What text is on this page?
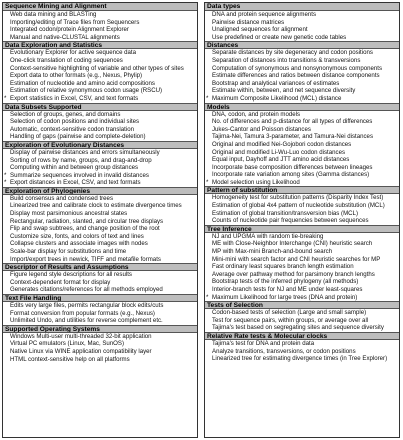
Sequence Mining and Alignment
Web data mining and BLASTing
Importing/editing of Trace files from Sequencers
Integrated codon/protein Alignment Explorer
Manual and native-CLUSTAL alignments
Data Exploration and Statistics
Evolutionary Explorer for active sequence data
One-click translation of coding sequences
Context-sensitive highlighting of variable and other types of sites
Export data to other formats (e.g., Nexus, Phylip)
Estimation of nucleotide and amino acid compositions
Estimation of relative synonymous codon usage (RSCU)
* Export statistics in Excel, CSV, and text formats
Data Subsets Supported
Selection of groups, genes, and domains
Selection of codon positions and individual sites
Automatic, context-sensitive codon translation
Handling of gaps (pairwise and complete-deletion)
Exploration of Evolutionary Distances
Display of pairwise distances and errors simultaneously
Sorting of rows by name, groups, and drag-and-drop
Computing within and between group distances
* Summarize sequences involved in invalid distances
* Export distances in Excel, CSV, and text formats
Exploration of Phylogenies
Build consensus and condensed trees
Linearized tree and calibrate clock to estimate divergence times
Display most parsimonious ancestral states
Rectangular, radiation, slanted, and circular tree displays
Flip and swap subtrees, and change position of the root
Customize size, fonts, and colors of text and lines
Collapse clusters and associate images with nodes
Scale-bar display for substitutions and time
Import/export trees in newick, TIFF and metafile formats
Descriptor of Results and Assumptions
Figure legend style descriptions for all results
Context-dependent format for display
Generates citations/references for all methods employed
Text File Handling
Edits very large files, permits rectangular block edits/cuts
Format conversion from popular formats (e.g., Nexus)
Unlimited Undo, and utilities for reverse complement etc.
Supported Operating Systems
Windows Multi-user multi-threaded 32-bit application
Virtual PC emulators (Linux, Mac, SunOS)
Native Linux via WINE application compatibility layer
HTML context-sensitive help on all platforms
Data types
DNA and protein sequence alignments
Pairwise distance matrices
Unaligned sequences for alignment
Use predefined or create new genetic code tables
Distances
Separate distances by site degeneracy and codon positions
Separation of distances into transitions & transversions
Computation of synonymous and nonsynonymous components
Estimate differences and ratios between distance components
Bootstrap and analytical variances of estimates
Estimate within, between, and net sequence diversity
* Maximum Composite Likelihood (MCL) distance
Models
DNA, codon, and protein models
No. of differences and p-distance for all types of differences
Jukes-Cantor and Poisson distances
Tajima-Nei, Tamura 3-parameter, and Tamura-Nei distances
Original and modified Nei-Gojobori codon distances
Original and modified Li-Wu-Luo codon distances
Equal input, Dayhoff and JTT amino acid distances
Incorporate base composition differences between lineages
Incorporate rate variation among sites (Gamma distances)
* Model selection using Likelihood
Pattern of substitution
Homogeneity test for substitution patterns (Disparity Index Test)
Estimation of global 4x4 pattern of nucleotide substitution (MCL)
Estimation of global transition/transversion bias (MCL)
Counts of nucleotide pair frequencies between sequences
Tree Inference
NJ and UPGMA with random tie-breaking
ME with Close-Neighbor Interchange (CNI) heuristic search
MP with Max-mini Branch-and-bound search
Mini-mini with search factor and CNI heuristic searches for MP
Fast ordinary least squares branch length estimation
Average over pathway method for parsimony branch lengths
Bootstrap tests of the inferred phylogeny (all methods)
Interior-branch tests for NJ and ME under least-squares
* Maximum Likelihood for large trees (DNA and protein)
Tests of Selection
Codon-based tests of selection (Large and small sample)
Test for sequence pairs, within groups, or average over all
Tajima's test based on segregating sites and sequence diversity
Relative Rate tests & Molecular clocks
Tajima's test for DNA and protein data
Analyze transitions, transversions, or codon positions
Linearized tree for estimating divergence times (in Tree Explorer)
